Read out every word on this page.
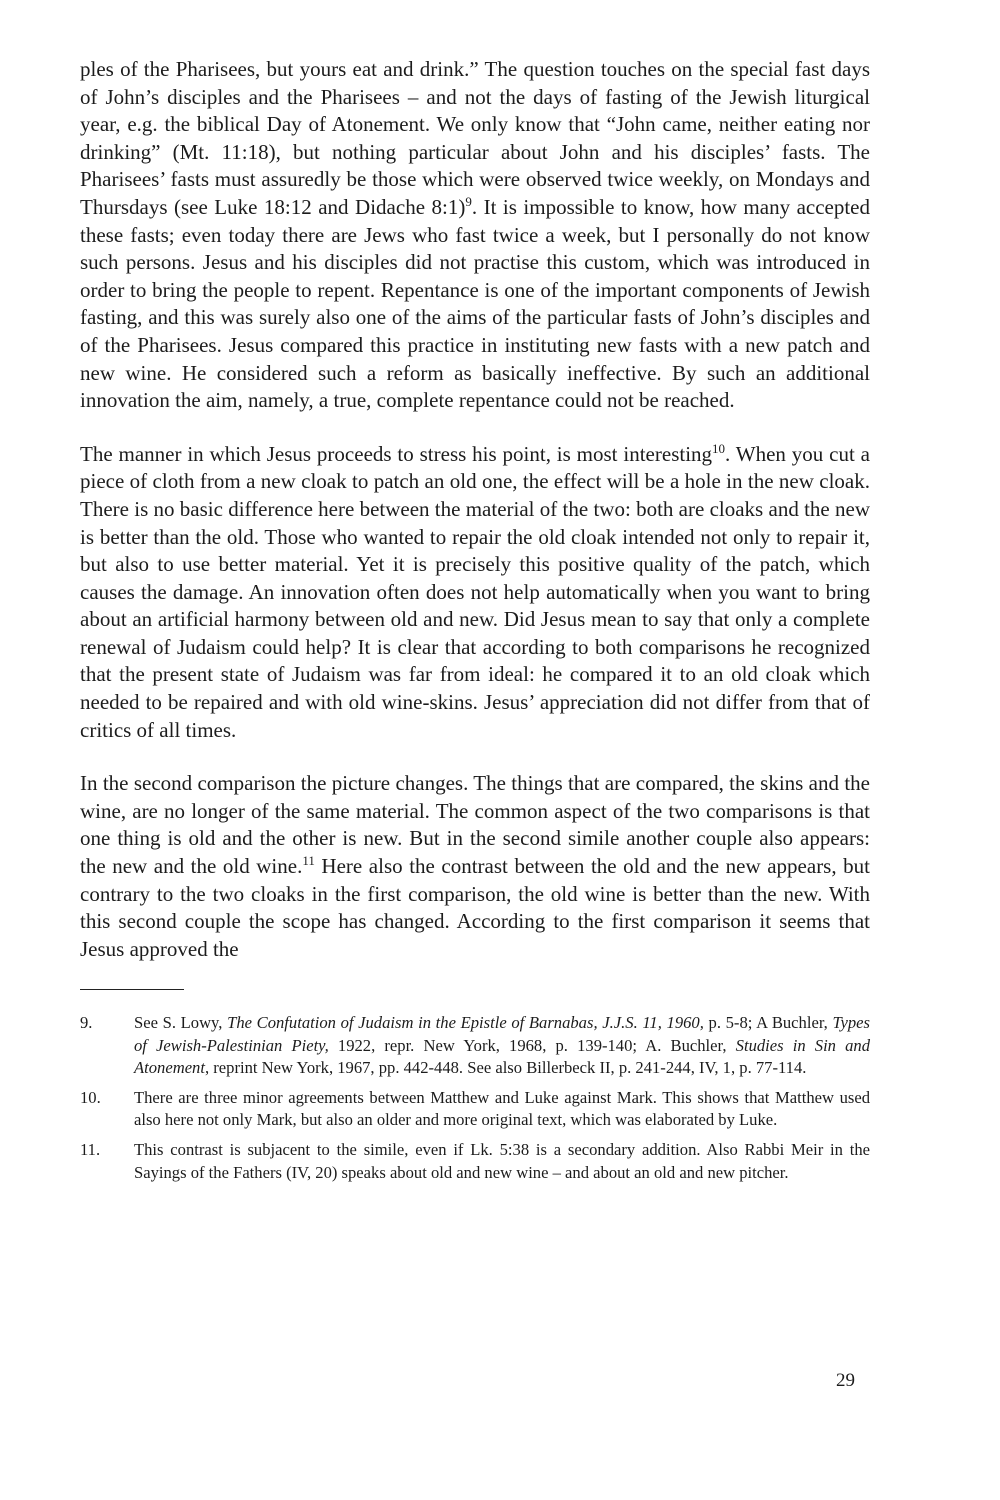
ples of the Pharisees, but yours eat and drink.” The question touches on the special fast days of John’s disciples and the Pharisees – and not the days of fasting of the Jewish liturgical year, e.g. the biblical Day of Atonement. We only know that “John came, neither eating nor drinking” (Mt. 11:18), but nothing particular about John and his disciples’ fasts. The Pharisees’ fasts must assuredly be those which were observed twice weekly, on Mondays and Thursdays (see Luke 18:12 and Didache 8:1)$^9$. It is impossible to know, how many accepted these fasts; even today there are Jews who fast twice a week, but I personally do not know such persons. Jesus and his disciples did not practise this custom, which was introduced in order to bring the people to repent. Repentance is one of the important components of Jewish fasting, and this was surely also one of the aims of the particular fasts of John’s disciples and of the Pharisees. Jesus compared this practice in instituting new fasts with a new patch and new wine. He considered such a reform as basically ineffective. By such an additional innovation the aim, namely, a true, complete repentance could not be reached.

The manner in which Jesus proceeds to stress his point, is most interesting$^{10}$. When you cut a piece of cloth from a new cloak to patch an old one, the effect will be a hole in the new cloak. There is no basic difference here between the material of the two: both are cloaks and the new is better than the old. Those who wanted to repair the old cloak intended not only to repair it, but also to use better material. Yet it is precisely this positive quality of the patch, which causes the damage. An innovation often does not help automatically when you want to bring about an artificial harmony between old and new. Did Jesus mean to say that only a complete renewal of Judaism could help? It is clear that according to both comparisons he recognized that the present state of Judaism was far from ideal: he compared it to an old cloak which needed to be repaired and with old wine-skins. Jesus’ appreciation did not differ from that of critics of all times.

In the second comparison the picture changes. The things that are compared, the skins and the wine, are no longer of the same material. The common aspect of the two comparisons is that one thing is old and the other is new. But in the second simile another couple also appears: the new and the old wine.$^{11}$ Here also the contrast between the old and the new appears, but contrary to the two cloaks in the first comparison, the old wine is better than the new. With this second couple the scope has changed. According to the first comparison it seems that Jesus approved the

9.	See S. Lowy, The Confutation of Judaism in the Epistle of Barnabas, J.J.S. 11, 1960, p. 5-8; A Buchler, Types of Jewish-Palestinian Piety, 1922, repr. New York, 1968, p. 139-140; A. Buchler, Studies in Sin and Atonement, reprint New York, 1967, pp. 442-448. See also Billerbeck II, p. 241-244, IV, 1, p. 77-114.
10.	There are three minor agreements between Matthew and Luke against Mark. This shows that Matthew used also here not only Mark, but also an older and more original text, which was elaborated by Luke.
11.	This contrast is subjacent to the simile, even if Lk. 5:38 is a secondary addition. Also Rabbi Meir in the Sayings of the Fathers (IV, 20) speaks about old and new wine – and about an old and new pitcher.
29
